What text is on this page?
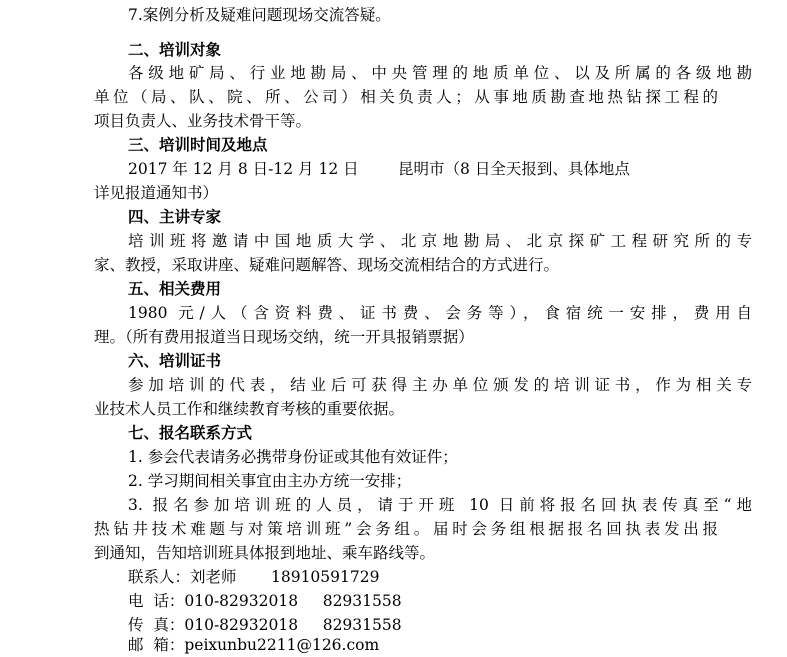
7.案例分析及疑难问题现场交流答疑。
二、培训对象
各级地矿局、行业地勘局、中央管理的地质单位、以及所属的各级地勘
单位（局、队、院、所、公司）相关负责人；从事地质勘查地热钻探工程的
项目负责人、业务技术骨干等。
三、培训时间及地点
2017 年 12 月 8 日-12 月 12 日        昆明市（8 日全天报到、具体地点
详见报道通知书）
四、主讲专家
培训班将邀请中国地质大学、北京地勘局、北京探矿工程研究所的专
家、教授，采取讲座、疑难问题解答、现场交流相结合的方式进行。
五、相关费用
1980 元/人（含资料费、证书费、会务等），食宿统一安排，费用自
理。（所有费用报道当日现场交纳，统一开具报销票据）
六、培训证书
参加培训的代表，结业后可获得主办单位颁发的培训证书，作为相关专
业技术人员工作和继续教育考核的重要依据。
七、报名联系方式
1. 参会代表请务必携带身份证或其他有效证件；
2. 学习期间相关事宜由主办方统一安排；
3. 报名参加培训班的人员，请于开班 10 日前将报名回执表传真至“地
热钻井技术难题与对策培训班”会务组。届时会务组根据报名回执表发出报
到通知，告知培训班具体报到地址、乘车路线等。
联系人：刘老师       18910591729
电  话：010-82932018     82931558
传  真：010-82932018     82931558
邮  箱：peixunbu2211@126.com
